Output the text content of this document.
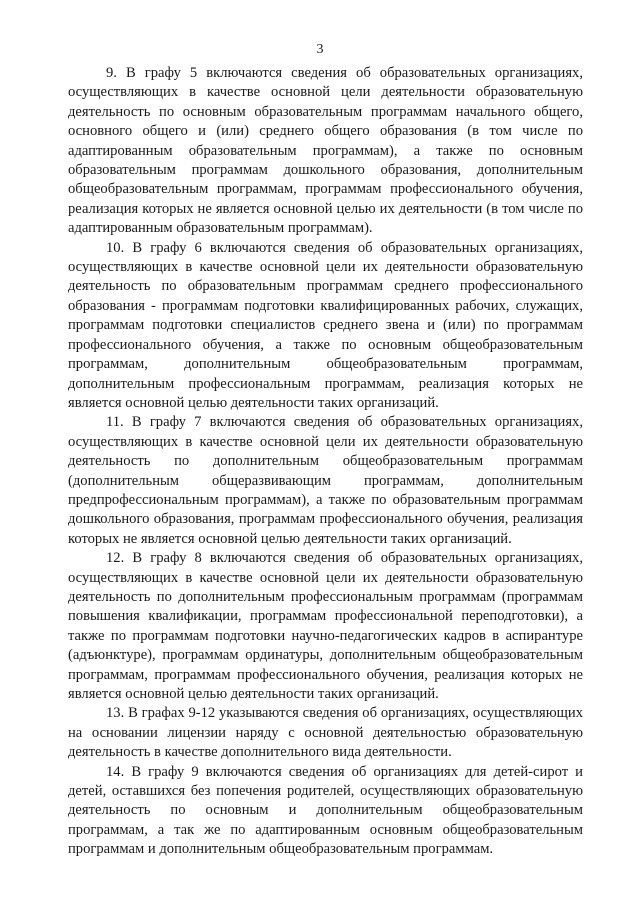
3

9. В графу 5 включаются сведения об образовательных организациях, осуществляющих в качестве основной цели деятельности образовательную деятельность по основным образовательным программам начального общего, основного общего и (или) среднего общего образования (в том числе по адаптированным образовательным программам), а также по основным образовательным программам дошкольного образования, дополнительным общеобразовательным программам, программам профессионального обучения, реализация которых не является основной целью их деятельности (в том числе по адаптированным образовательным программам).

10. В графу 6 включаются сведения об образовательных организациях, осуществляющих в качестве основной цели их деятельности образовательную деятельность по образовательным программам среднего профессионального образования - программам подготовки квалифицированных рабочих, служащих, программам подготовки специалистов среднего звена и (или) по программам профессионального обучения, а также по основным общеобразовательным программам, дополнительным общеобразовательным программам, дополнительным профессиональным программам, реализация которых не является основной целью деятельности таких организаций.

11. В графу 7 включаются сведения об образовательных организациях, осуществляющих в качестве основной цели их деятельности образовательную деятельность по дополнительным общеобразовательным программам (дополнительным общеразвивающим программам, дополнительным предпрофессиональным программам), а также по образовательным программам дошкольного образования, программам профессионального обучения, реализация которых не является основной целью деятельности таких организаций.

12. В графу 8 включаются сведения об образовательных организациях, осуществляющих в качестве основной цели их деятельности образовательную деятельность по дополнительным профессиональным программам (программам повышения квалификации, программам профессиональной переподготовки), а также по программам подготовки научно-педагогических кадров в аспирантуре (адъюнктуре), программам ординатуры, дополнительным общеобразовательным программам, программам профессионального обучения, реализация которых не является основной целью деятельности таких организаций.

13. В графах 9-12 указываются сведения об организациях, осуществляющих на основании лицензии наряду с основной деятельностью образовательную деятельность в качестве дополнительного вида деятельности.

14. В графу 9 включаются сведения об организациях для детей-сирот и детей, оставшихся без попечения родителей, осуществляющих образовательную деятельность по основным и дополнительным общеобразовательным программам, а так же по адаптированным основным общеобразовательным программам и дополнительным общеобразовательным программам.
